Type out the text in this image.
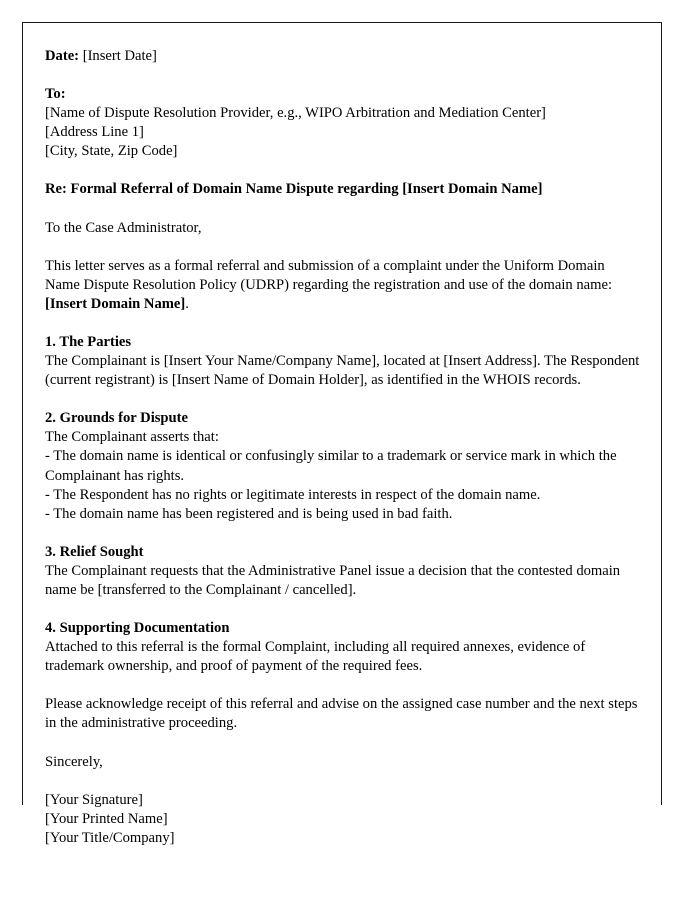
Date: [Insert Date]
To:
[Name of Dispute Resolution Provider, e.g., WIPO Arbitration and Mediation Center]
[Address Line 1]
[City, State, Zip Code]
Re: Formal Referral of Domain Name Dispute regarding [Insert Domain Name]
To the Case Administrator,
This letter serves as a formal referral and submission of a complaint under the Uniform Domain Name Dispute Resolution Policy (UDRP) regarding the registration and use of the domain name: [Insert Domain Name].
1. The Parties
The Complainant is [Insert Your Name/Company Name], located at [Insert Address]. The Respondent (current registrant) is [Insert Name of Domain Holder], as identified in the WHOIS records.
2. Grounds for Dispute
The Complainant asserts that:
- The domain name is identical or confusingly similar to a trademark or service mark in which the Complainant has rights.
- The Respondent has no rights or legitimate interests in respect of the domain name.
- The domain name has been registered and is being used in bad faith.
3. Relief Sought
The Complainant requests that the Administrative Panel issue a decision that the contested domain name be [transferred to the Complainant / cancelled].
4. Supporting Documentation
Attached to this referral is the formal Complaint, including all required annexes, evidence of trademark ownership, and proof of payment of the required fees.
Please acknowledge receipt of this referral and advise on the assigned case number and the next steps in the administrative proceeding.
Sincerely,
[Your Signature]
[Your Printed Name]
[Your Title/Company]
